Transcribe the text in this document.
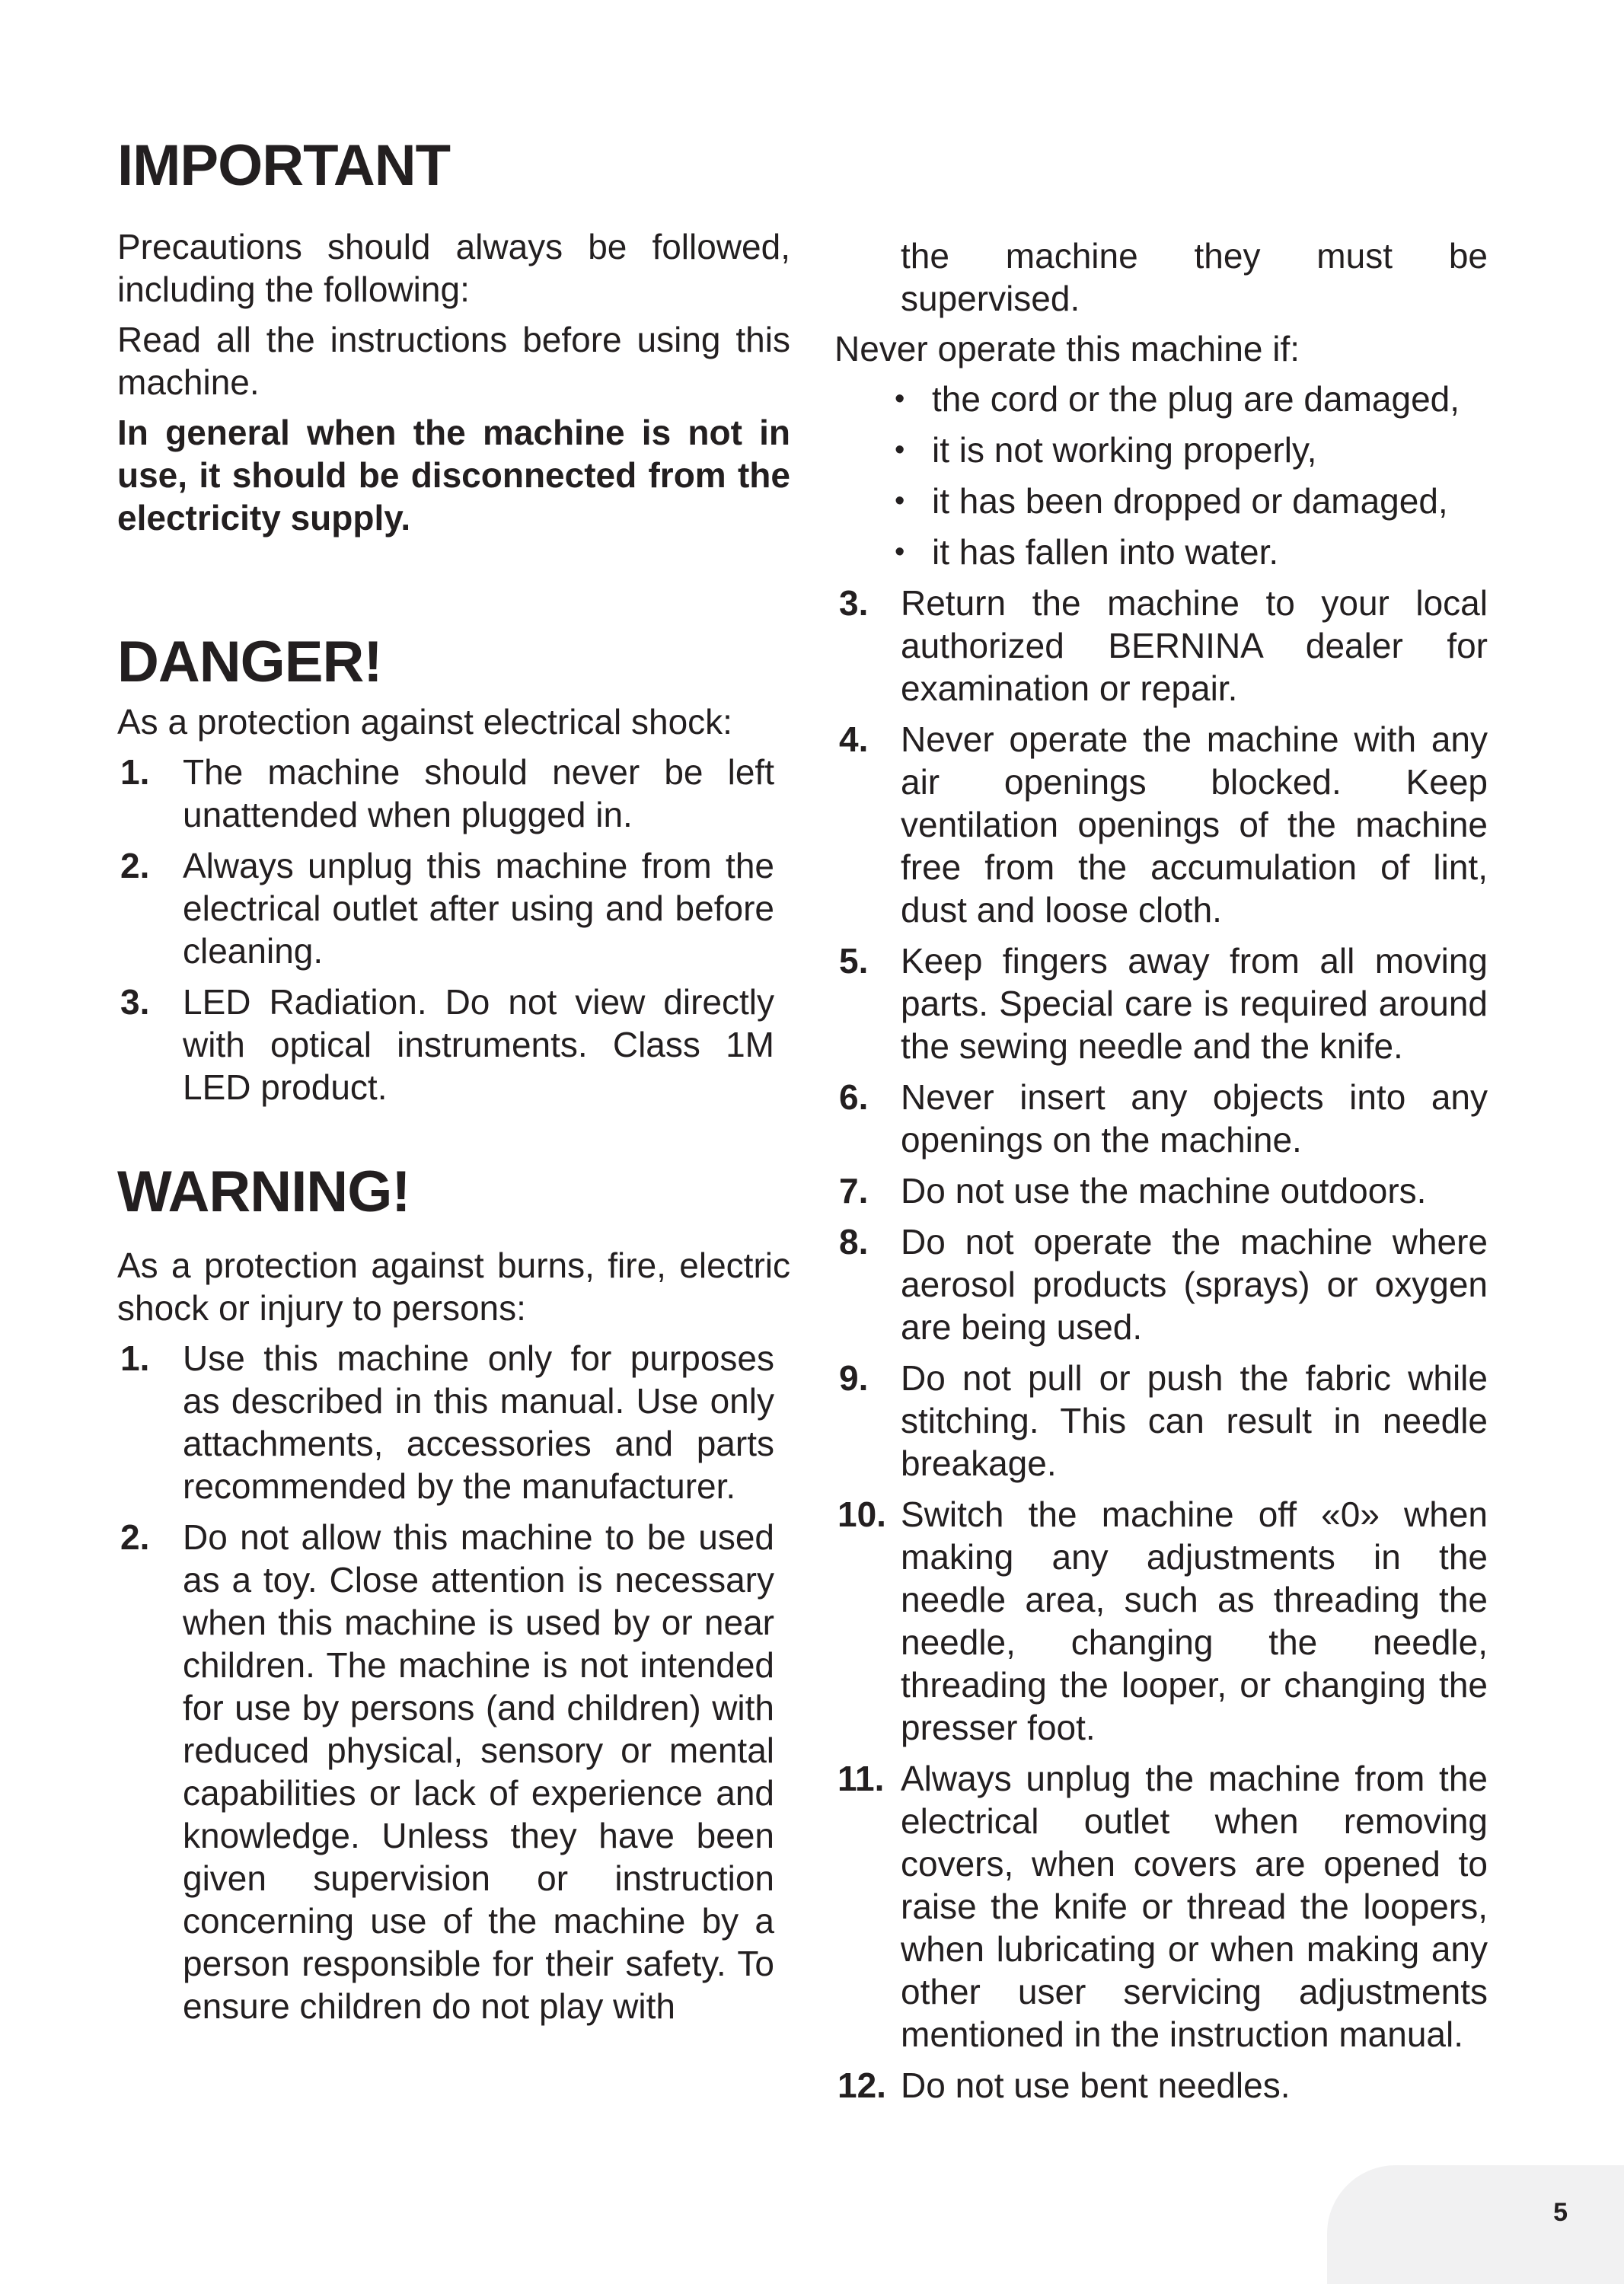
IMPORTANT

Precautions should always be followed, including the following:

Read all the instructions before using this machine.

In general when the machine is not in use, it should be disconnected from the electricity supply.

DANGER!

As a protection against electrical shock:

1. The machine should never be left unattended when plugged in.
2. Always unplug this machine from the electrical outlet after using and before cleaning.
3. LED Radiation. Do not view directly with optical instruments. Class 1M LED product.
WARNING!

As a protection against burns, fire, electric shock or injury to persons:

1. Use this machine only for purposes as described in this manual. Use only attachments, accessories and parts recommended by the manufacturer.
2. Do not allow this machine to be used as a toy. Close attention is necessary when this machine is used by or near children. The machine is not intended for use by persons (and children) with reduced physical, sensory or mental capabilities or lack of experience and knowledge. Unless they have been given supervision or instruction concerning use of the machine by a person responsible for their safety. To ensure children do not play with

the machine they must be supervised.

Never operate this machine if:

• the cord or the plug are damaged,
• it is not working properly,
• it has been dropped or damaged,
• it has fallen into water.
3. Return the machine to your local authorized BERNINA dealer for examination or repair.
4. Never operate the machine with any air openings blocked. Keep ventilation openings of the machine free from the accumulation of lint, dust and loose cloth.
5. Keep fingers away from all moving parts. Special care is required around the sewing needle and the knife.
6. Never insert any objects into any openings on the machine.
7. Do not use the machine outdoors.
8. Do not operate the machine where aerosol products (sprays) or oxygen are being used.
9. Do not pull or push the fabric while stitching. This can result in needle breakage.
10. Switch the machine off «0» when making any adjustments in the needle area, such as threading the needle, changing the needle, threading the looper, or changing the presser foot.
11. Always unplug the machine from the electrical outlet when removing covers, when covers are opened to raise the knife or thread the loopers, when lubricating or when making any other user servicing adjustments mentioned in the instruction manual.
12. Do not use bent needles.
5
